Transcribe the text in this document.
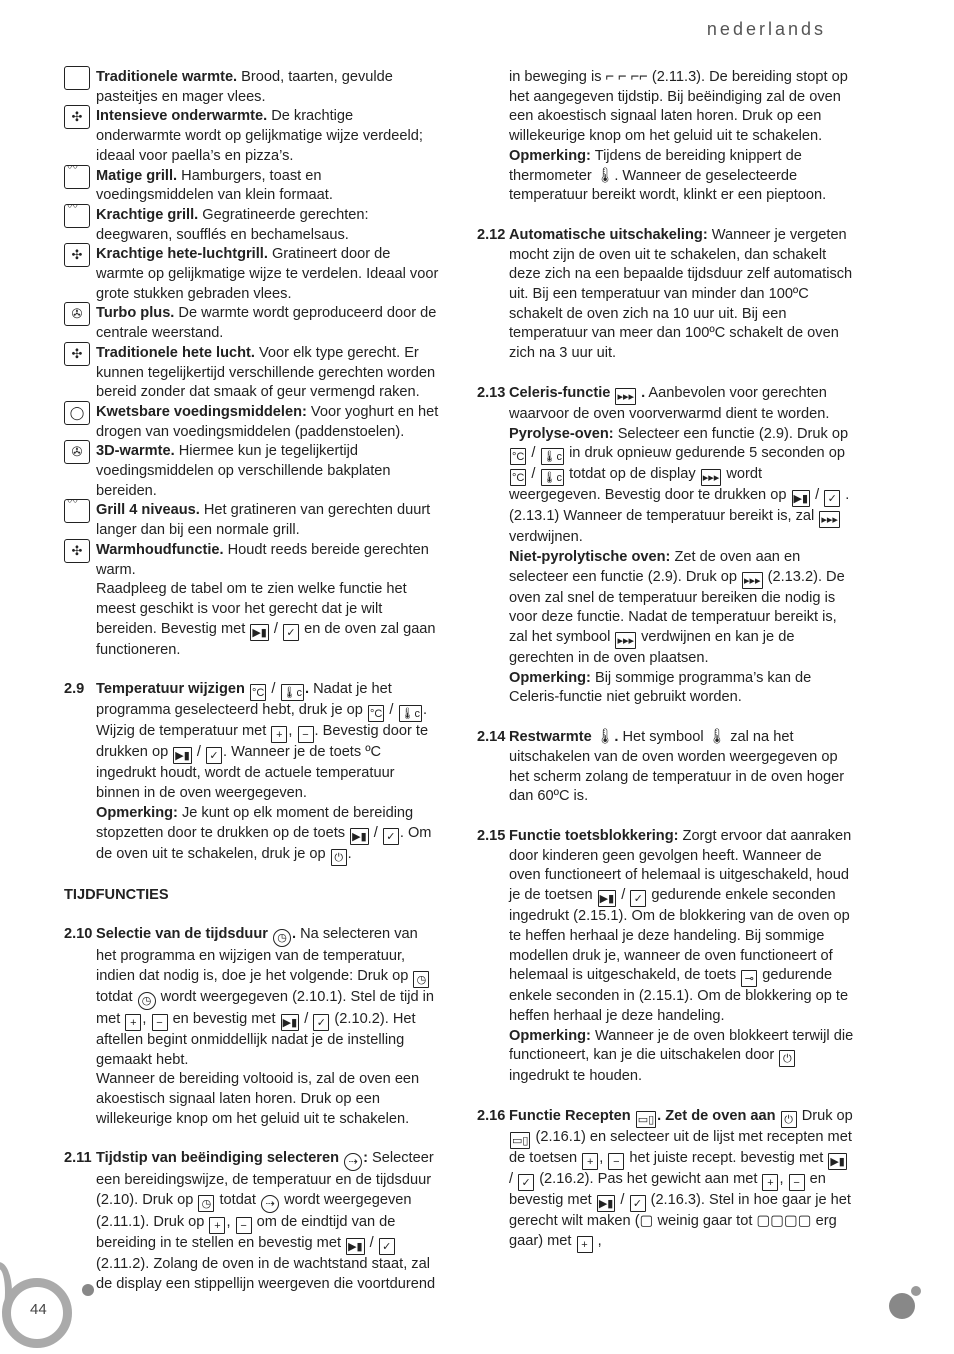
nederlands
Traditionele warmte. Brood, taarten, gevulde pasteitjes en mager vlees.
✣ Intensieve onderwarmte. De krachtige onderwarmte wordt op gelijkmatige wijze verdeeld; ideaal voor paella’s en pizza’s.
〰
Matige grill. Hamburgers, toast en voedingsmiddelen van klein formaat.
〰
Krachtige grill. Gegratineerde gerechten: deegwaren, soufflés en bechamelsaus.
✣ Krachtige hete-luchtgrill. Gratineert door de warmte op gelijkmatige wijze te verdelen. Ideaal voor grote stukken gebraden vlees.
✇ Turbo plus. De warmte wordt geproduceerd door de centrale weerstand.
✣ Traditionele hete lucht. Voor elk type gerecht. Er kunnen tegelijkertijd verschillende gerechten worden bereid zonder dat smaak of geur vermengd raken.
◯ Kwetsbare voedingsmiddelen: Voor yoghurt en het drogen van voedingsmiddelen (paddenstoelen).
✇ 3D-warmte. Hiermee kun je tegelijkertijd voedingsmiddelen op verschillende bakplaten bereiden.
〰
Grill 4 niveaus. Het gratineren van gerechten duurt langer dan bij een normale grill.
✣ Warmhoudfunctie. Houdt reeds bereide gerechten warm.
Raadpleeg de tabel om te zien welke functie het meest geschikt is voor het gerecht dat je wilt bereiden. Bevestig met ▶▮ / ✓ en de oven zal gaan functioneren.
2.9 Temperatuur wijzigen °C / 🌡c . Nadat je het programma geselecteerd hebt, druk je op °C / 🌡c . Wijzig de temperatuur met + , − . Bevestig door te drukken op ▶▮ / ✓ . Wanneer je de toets ºC ingedrukt houdt, wordt de actuele temperatuur binnen in de oven weergegeven.
Opmerking: Je kunt op elk moment de bereiding stopzetten door te drukken op de toets ▶▮ / ✓ . Om de oven uit te schakelen, druk je op ⏻ .
TIJDFUNCTIES
2.10 Selectie van de tijdsduur ◷ . Na selecteren van het programma en wijzigen van de temperatuur, indien dat nodig is, doe je het volgende: Druk op ◷ totdat ◷ wordt weergegeven (2.10.1). Stel de tijd in met + , − en bevestig met ▶▮ / ✓ (2.10.2). Het aftellen begint onmiddellijk nadat je de instelling gemaakt hebt.
Wanneer de bereiding voltooid is, zal de oven een akoestisch signaal laten horen. Druk op een willekeurige knop om het geluid uit te schakelen.
2.11 Tijdstip van beëindiging selecteren ⇢ : Selecteer een bereidingswijze, de temperatuur en de tijdsduur (2.10). Druk op ◷ totdat ⇢ wordt weergegeven (2.11.1). Druk op + , − om de eindtijd van de bereiding in te stellen en bevestig met ▶▮ / ✓ (2.11.2). Zolang de oven in de wachtstand staat, zal de display een stippellijn weergeven die voortdurend
in beweging is ⌐ ⌐ ⌐⌐ (2.11.3). De bereiding stopt op het aangegeven tijdstip. Bij beëindiging zal de oven een akoestisch signaal laten horen. Druk op een willekeurige knop om het geluid uit te schakelen.
Opmerking: Tijdens de bereiding knippert de thermometer 🌡. Wanneer de geselecteerde temperatuur bereikt wordt, klinkt er een pieptoon.
2.12 Automatische uitschakeling: Wanneer je vergeten mocht zijn de oven uit te schakelen, dan schakelt deze zich na een bepaalde tijdsduur zelf automatisch uit. Bij een temperatuur van minder dan 100ºC schakelt de oven zich na 10 uur uit. Bij een temperatuur van meer dan 100ºC schakelt de oven zich na 3 uur uit.
2.13 Celeris-functie ▸▸▸ . Aanbevolen voor gerechten waarvoor de oven voorverwarmd dient te worden.
Pyrolyse-oven: Selecteer een functie (2.9). Druk op °C / 🌡c in druk opnieuw gedurende 5 seconden op °C / 🌡c totdat op de display ▸▸▸ wordt weergegeven. Bevestig door te drukken op ▶▮ / ✓ . (2.13.1) Wanneer de temperatuur bereikt is, zal ▸▸▸ verdwijnen.
Niet-pyrolytische oven: Zet de oven aan en selecteer een functie (2.9). Druk op ▸▸▸ (2.13.2). De oven zal snel de temperatuur bereiken die nodig is voor deze functie. Nadat de temperatuur bereikt is, zal het symbool ▸▸▸ verdwijnen en kan je de gerechten in de oven plaatsen.
Opmerking: Bij sommige programma’s kan de Celeris-functie niet gebruikt worden.
2.14 Restwarmte 🌡. Het symbool 🌡 zal na het uitschakelen van de oven worden weergegeven op het scherm zolang de temperatuur in de oven hoger dan 60ºC is.
2.15 Functie toetsblokkering: Zorgt ervoor dat aanraken door kinderen geen gevolgen heeft. Wanneer de oven functioneert of helemaal is uitgeschakeld, houd je de toetsen ▶▮ / ✓ gedurende enkele seconden ingedrukt (2.15.1). Om de blokkering van de oven op te heffen herhaal je deze handeling. Bij sommige modellen druk je, wanneer de oven functioneert of helemaal is uitgeschakeld, de toets ⊸ gedurende enkele seconden in (2.15.1). Om de blokkering op te heffen herhaal je deze handeling.
Opmerking: Wanneer je de oven blokkeert terwijl die functioneert, kan je die uitschakelen door ⏻ ingedrukt te houden.
2.16 Functie Recepten ▭▯ . Zet de oven aan ⏻ Druk op ▭▯ (2.16.1) en selecteer uit de lijst met recepten met de toetsen + , − het juiste recept. bevestig met ▶▮ / ✓ (2.16.2). Pas het gewicht aan met + , − en bevestig met ▶▮ / ✓ (2.16.3). Stel in hoe gaar je het gerecht wilt maken (▢ weinig gaar tot ▢▢▢▢ erg gaar) met + ,
44
